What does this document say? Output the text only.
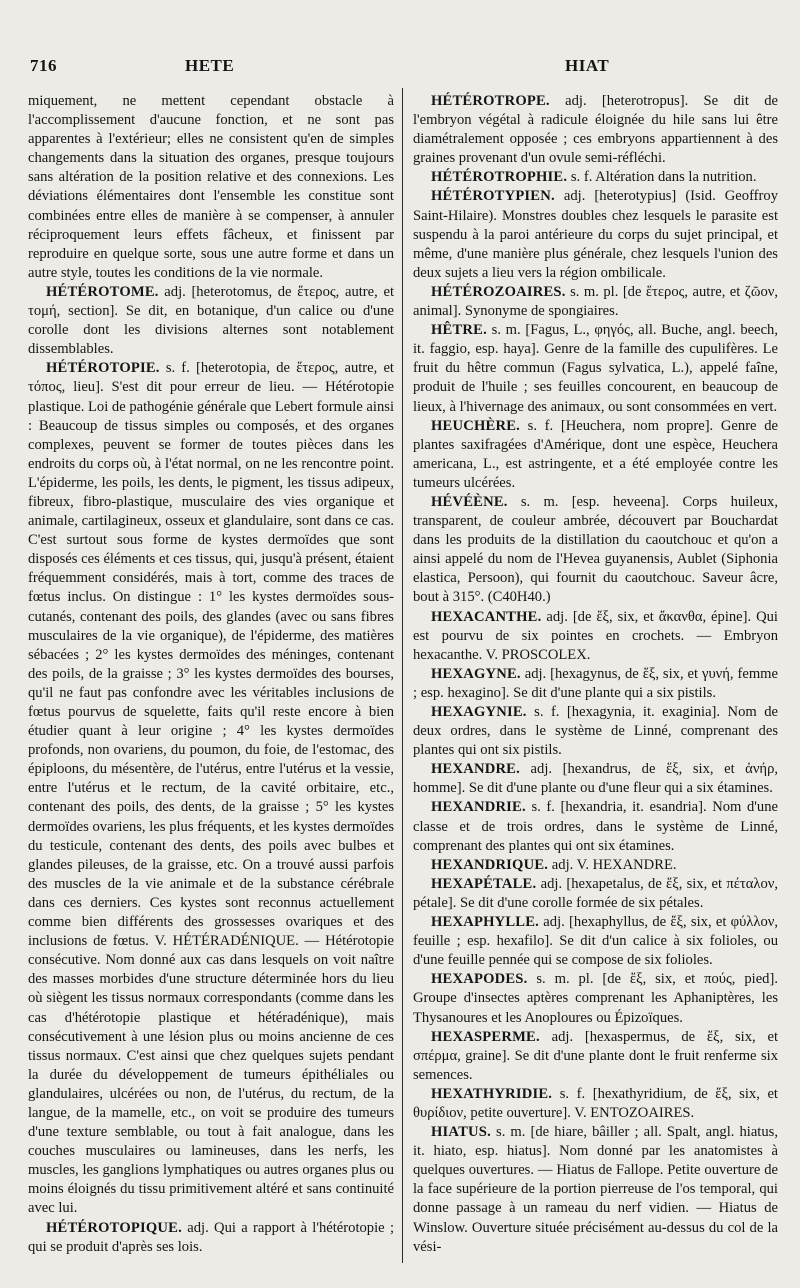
716	HETE	HIAT

miquement, ne mettent cependant obstacle à l'accomplissement d'aucune fonction, et ne sont pas apparentes à l'extérieur; elles ne consistent qu'en de simples changements dans la situation des organes, presque toujours sans altération de la position relative et des connexions. Les déviations élémentaires dont l'ensemble les constitue sont combinées entre elles de manière à se compenser, à annuler réciproquement leurs effets fâcheux, et finissent par reproduire en quelque sorte, sous une autre forme et dans un autre style, toutes les conditions de la vie normale.

HÉTÉROTOME. adj. [heterotomus, de ἕτερος, autre, et τομή, section]. Se dit, en botanique, d'un calice ou d'une corolle dont les divisions alternes sont notablement dissemblables.

HÉTÉROTOPIE. s. f. [heterotopia, de ἕτερος, autre, et τόπος, lieu]. S'est dit pour erreur de lieu. — Hétérotopie plastique. Loi de pathogénie générale que Lebert formule ainsi : Beaucoup de tissus simples ou composés, et des organes complexes, peuvent se former de toutes pièces dans les endroits du corps où, à l'état normal, on ne les rencontre point. L'épiderme, les poils, les dents, le pigment, les tissus adipeux, fibreux, fibro-plastique, musculaire des vies organique et animale, cartilagineux, osseux et glandulaire, sont dans ce cas. C'est surtout sous forme de kystes dermoïdes que sont disposés ces éléments et ces tissus, qui, jusqu'à présent, étaient fréquemment considérés, mais à tort, comme des traces de fœtus inclus. On distingue : 1° les kystes dermoïdes sous-cutanés, contenant des poils, des glandes (avec ou sans fibres musculaires de la vie organique), de l'épiderme, des matières sébacées ; 2° les kystes dermoïdes des méninges, contenant des poils, de la graisse ; 3° les kystes dermoïdes des bourses, qu'il ne faut pas confondre avec les véritables inclusions de fœtus pourvus de squelette, faits qu'il reste encore à bien étudier quant à leur origine ; 4° les kystes dermoïdes profonds, non ovariens, du poumon, du foie, de l'estomac, des épiploons, du mésentère, de l'utérus, entre l'utérus et la vessie, entre l'utérus et le rectum, de la cavité orbitaire, etc., contenant des poils, des dents, de la graisse ; 5° les kystes dermoïdes ovariens, les plus fréquents, et les kystes dermoïdes du testicule, contenant des dents, des poils avec bulbes et glandes pileuses, de la graisse, etc. On a trouvé aussi parfois des muscles de la vie animale et de la substance cérébrale dans ces derniers. Ces kystes sont reconnus actuellement comme bien différents des grossesses ovariques et des inclusions de fœtus. V. HÉTÉRADÉNIQUE. — Hétérotopie consécutive. Nom donné aux cas dans lesquels on voit naître des masses morbides d'une structure déterminée hors du lieu où siègent les tissus normaux correspondants (comme dans les cas d'hétérotopie plastique et hétéradénique), mais consécutivement à une lésion plus ou moins ancienne de ces tissus normaux. C'est ainsi que chez quelques sujets pendant la durée du développement de tumeurs épithéliales ou glandulaires, ulcérées ou non, de l'utérus, du rectum, de la langue, de la mamelle, etc., on voit se produire des tumeurs d'une texture semblable, ou tout à fait analogue, dans les couches musculaires ou lamineuses, dans les nerfs, les muscles, les ganglions lymphatiques ou autres organes plus ou moins éloignés du tissu primitivement altéré et sans continuité avec lui.

HÉTÉROTOPIQUE. adj. Qui a rapport à l'hétérotopie ; qui se produit d'après ses lois.

HÉTÉROTROPE. adj. [heterotropus]. Se dit de l'embryon végétal à radicule éloignée du hile sans lui être diamétralement opposée ; ces embryons appartiennent à des graines provenant d'un ovule semi-réfléchi.

HÉTÉROTROPHIE. s. f. Altération dans la nutrition.

HÉTÉROTYPIEN. adj. [heterotypius] (Isid. Geoffroy Saint-Hilaire). Monstres doubles chez lesquels le parasite est suspendu à la paroi antérieure du corps du sujet principal, et même, d'une manière plus générale, chez lesquels l'union des deux sujets a lieu vers la région ombilicale.

HÉTÉROZOAIRES. s. m. pl. [de ἕτερος, autre, et ζῶον, animal]. Synonyme de spongiaires.

HÊTRE. s. m. [Fagus, L., φηγός, all. Buche, angl. beech, it. faggio, esp. haya]. Genre de la famille des cupulifères. Le fruit du hêtre commun (Fagus sylvatica, L.), appelé faîne, produit de l'huile ; ses feuilles concourent, en beaucoup de lieux, à l'hivernage des animaux, ou sont consommées en vert.

HEUCHÈRE. s. f. [Heuchera, nom propre]. Genre de plantes saxifragées d'Amérique, dont une espèce, Heuchera americana, L., est astringente, et a été employée contre les tumeurs ulcérées.

HÉVÉÈNE. s. m. [esp. heveena]. Corps huileux, transparent, de couleur ambrée, découvert par Bouchardat dans les produits de la distillation du caoutchouc et qu'on a ainsi appelé du nom de l'Hevea guyanensis, Aublet (Siphonia elastica, Persoon), qui fournit du caoutchouc. Saveur âcre, bout à 315°. (C40H40.)

HEXACANTHE. adj. [de ἕξ, six, et ἄκανθα, épine]. Qui est pourvu de six pointes en crochets. — Embryon hexacanthe. V. PROSCOLEX.

HEXAGYNE. adj. [hexagynus, de ἕξ, six, et γυνή, femme ; esp. hexagino]. Se dit d'une plante qui a six pistils.

HEXAGYNIE. s. f. [hexagynia, it. exaginia]. Nom de deux ordres, dans le système de Linné, comprenant des plantes qui ont six pistils.

HEXANDRE. adj. [hexandrus, de ἕξ, six, et ἀνήρ, homme]. Se dit d'une plante ou d'une fleur qui a six étamines.

HEXANDRIE. s. f. [hexandria, it. esandria]. Nom d'une classe et de trois ordres, dans le système de Linné, comprenant des plantes qui ont six étamines.

HEXANDRIQUE. adj. V. HEXANDRE.

HEXAPÉTALE. adj. [hexapetalus, de ἕξ, six, et πέταλον, pétale]. Se dit d'une corolle formée de six pétales.

HEXAPHYLLE. adj. [hexaphyllus, de ἕξ, six, et φύλλον, feuille ; esp. hexafilo]. Se dit d'un calice à six folioles, ou d'une feuille pennée qui se compose de six folioles.

HEXAPODES. s. m. pl. [de ἕξ, six, et πούς, pied]. Groupe d'insectes aptères comprenant les Aphaniptères, les Thysanoures et les Anoploures ou Épizoïques.

HEXASPERME. adj. [hexaspermus, de ἕξ, six, et σπέρμα, graine]. Se dit d'une plante dont le fruit renferme six semences.

HEXATHYRIDIE. s. f. [hexathyridium, de ἕξ, six, et θυρίδιον, petite ouverture]. V. ENTOZOAIRES.

HIATUS. s. m. [de hiare, bâiller ; all. Spalt, angl. hiatus, it. hiato, esp. hiatus]. Nom donné par les anatomistes à quelques ouvertures. — Hiatus de Fallope. Petite ouverture de la face supérieure de la portion pierreuse de l'os temporal, qui donne passage à un rameau du nerf vidien. — Hiatus de Winslow. Ouverture située précisément au-dessus du col de la vési-
